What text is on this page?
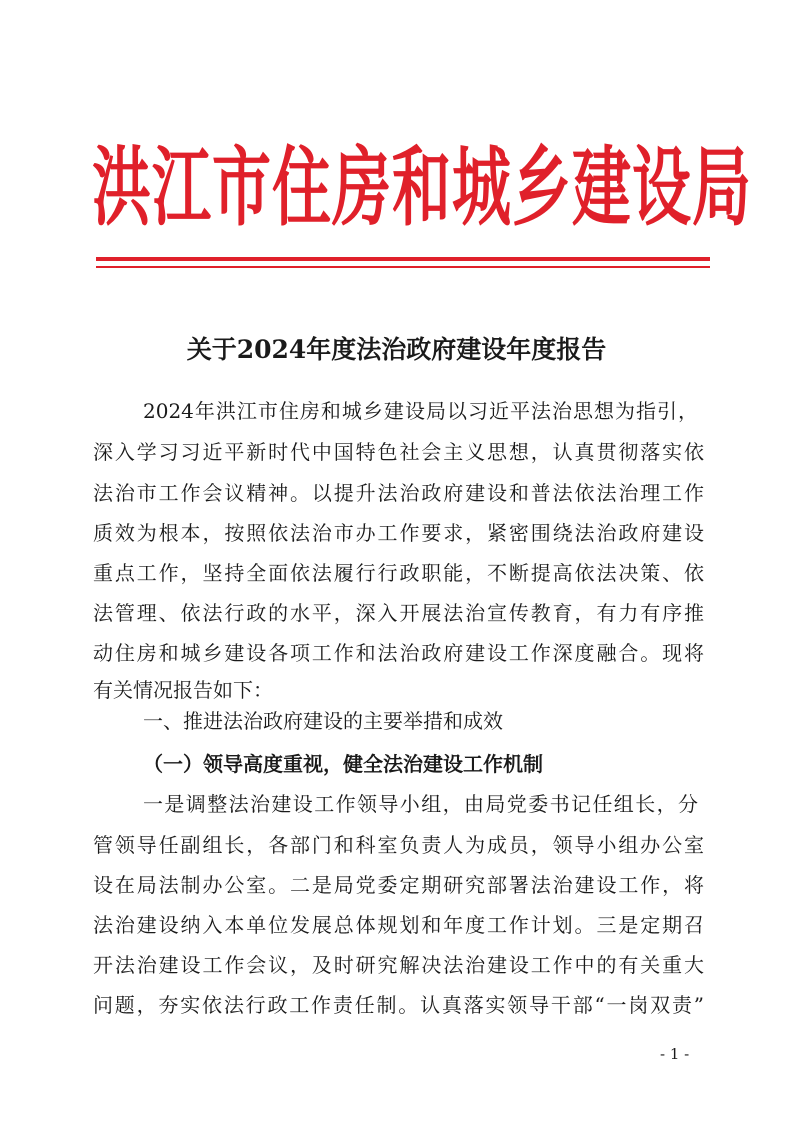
洪江市住房和城乡建设局
关于2024年度法治政府建设年度报告
2024年洪江市住房和城乡建设局以习近平法治思想为指引，
深入学习习近平新时代中国特色社会主义思想，认真贯彻落实依
法治市工作会议精神。以提升法治政府建设和普法依法治理工作
质效为根本，按照依法治市办工作要求，紧密围绕法治政府建设
重点工作，坚持全面依法履行行政职能，不断提高依法决策、依
法管理、依法行政的水平，深入开展法治宣传教育，有力有序推
动住房和城乡建设各项工作和法治政府建设工作深度融合。现将
有关情况报告如下：
一、推进法治政府建设的主要举措和成效
（一）领导高度重视，健全法治建设工作机制
一是调整法治建设工作领导小组，由局党委书记任组长，分
管领导任副组长，各部门和科室负责人为成员，领导小组办公室
设在局法制办公室。二是局党委定期研究部署法治建设工作，将
法治建设纳入本单位发展总体规划和年度工作计划。三是定期召
开法治建设工作会议，及时研究解决法治建设工作中的有关重大
问题，夯实依法行政工作责任制。认真落实领导干部“一岗双责”
- 1 -
